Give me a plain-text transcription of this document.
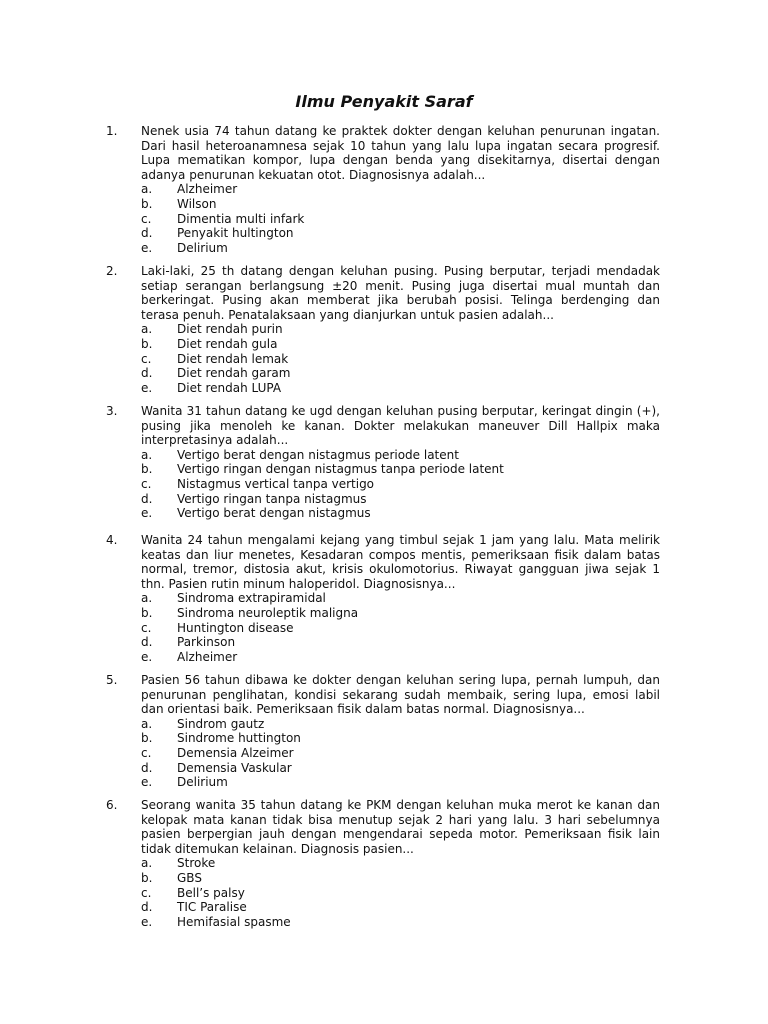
Ilmu Penyakit Saraf
1. Nenek usia 74 tahun datang ke praktek dokter dengan keluhan penurunan ingatan. Dari hasil heteroanamnesa sejak 10 tahun yang lalu lupa ingatan secara progresif. Lupa mematikan kompor, lupa dengan benda yang disekitarnya, disertai dengan adanya penurunan kekuatan otot. Diagnosisnya adalah...

a. Alzheimer
b. Wilson
c. Dimentia multi infark
d. Penyakit hultington
e. Delirium
2. Laki-laki, 25 th datang dengan keluhan pusing. Pusing berputar, terjadi mendadak setiap serangan berlangsung ±20 menit. Pusing juga disertai mual muntah dan berkeringat. Pusing akan memberat jika berubah posisi. Telinga berdenging dan terasa penuh. Penatalaksaan yang dianjurkan untuk pasien adalah...

a. Diet rendah purin
b. Diet rendah gula
c. Diet rendah lemak
d. Diet rendah garam
e. Diet rendah LUPA
3. Wanita 31 tahun datang ke ugd dengan keluhan pusing berputar, keringat dingin (+), pusing jika menoleh ke kanan. Dokter melakukan maneuver Dill Hallpix maka interpretasinya adalah...

a. Vertigo berat dengan nistagmus periode latent
b. Vertigo ringan dengan nistagmus tanpa periode latent
c. Nistagmus vertical tanpa vertigo
d. Vertigo ringan tanpa nistagmus
e. Vertigo berat dengan nistagmus
4. Wanita 24 tahun mengalami kejang yang timbul sejak 1 jam yang lalu. Mata melirik keatas dan liur menetes, Kesadaran compos mentis, pemeriksaan fisik dalam batas normal, tremor, distosia akut, krisis okulomotorius. Riwayat gangguan jiwa sejak 1 thn. Pasien rutin minum haloperidol. Diagnosisnya...

a. Sindroma extrapiramidal
b. Sindroma neuroleptik maligna
c. Huntington disease
d. Parkinson
e. Alzheimer
5. Pasien 56 tahun dibawa ke dokter dengan keluhan sering lupa, pernah lumpuh, dan penurunan penglihatan, kondisi sekarang sudah membaik, sering lupa, emosi labil dan orientasi baik. Pemeriksaan fisik dalam batas normal. Diagnosisnya...

a. Sindrom gautz
b. Sindrome huttington
c. Demensia Alzeimer
d. Demensia Vaskular
e. Delirium
6. Seorang wanita 35 tahun datang ke PKM dengan keluhan muka merot ke kanan dan kelopak mata kanan tidak bisa menutup sejak 2 hari yang lalu. 3 hari sebelumnya pasien berpergian jauh dengan mengendarai sepeda motor. Pemeriksaan fisik lain tidak ditemukan kelainan. Diagnosis pasien...

a. Stroke
b. GBS
c. Bell’s palsy
d. TIC Paralise
e. Hemifasial spasme
